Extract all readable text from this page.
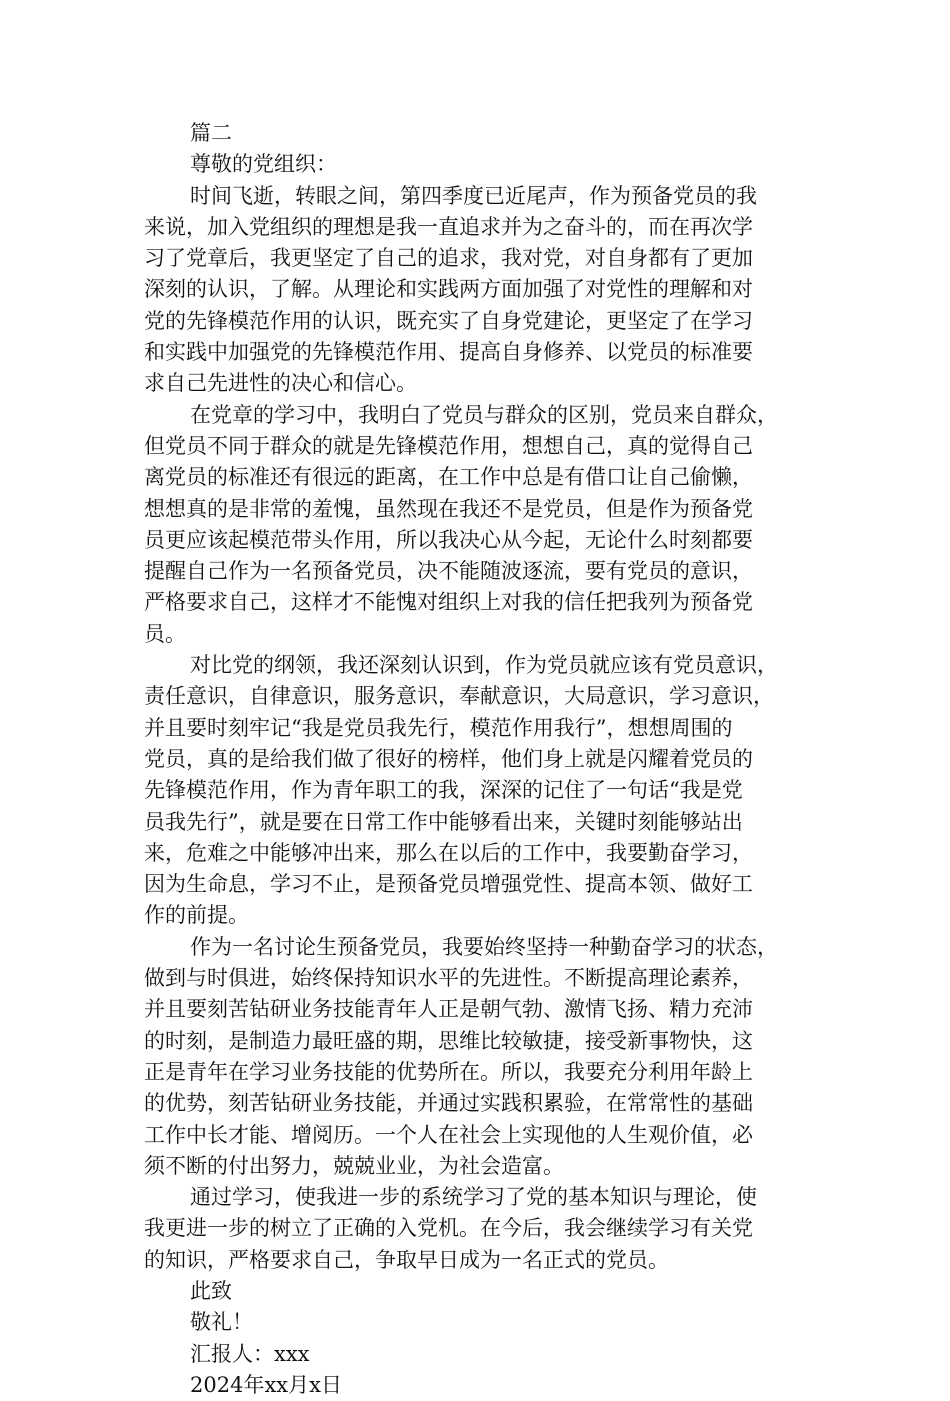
篇二
尊敬的党组织：
时间飞逝，转眼之间，第四季度已近尾声，作为预备党员的我
来说，加入党组织的理想是我一直追求并为之奋斗的，而在再次学
习了党章后，我更坚定了自己的追求，我对党，对自身都有了更加
深刻的认识，了解。从理论和实践两方面加强了对党性的理解和对
党的先锋模范作用的认识，既充实了自身党建论，更坚定了在学习
和实践中加强党的先锋模范作用、提高自身修养、以党员的标准要
求自己先进性的决心和信心。
在党章的学习中，我明白了党员与群众的区别，党员来自群众，
但党员不同于群众的就是先锋模范作用，想想自己，真的觉得自己
离党员的标准还有很远的距离，在工作中总是有借口让自己偷懒，
想想真的是非常的羞愧，虽然现在我还不是党员，但是作为预备党
员更应该起模范带头作用，所以我决心从今起，无论什么时刻都要
提醒自己作为一名预备党员，决不能随波逐流，要有党员的意识，
严格要求自己，这样才不能愧对组织上对我的信任把我列为预备党
员。
对比党的纲领，我还深刻认识到，作为党员就应该有党员意识，
责任意识，自律意识，服务意识，奉献意识，大局意识，学习意识，
并且要时刻牢记“我是党员我先行，模范作用我行”，想想周围的
党员，真的是给我们做了很好的榜样，他们身上就是闪耀着党员的
先锋模范作用，作为青年职工的我，深深的记住了一句话“我是党
员我先行”，就是要在日常工作中能够看出来，关键时刻能够站出
来，危难之中能够冲出来，那么在以后的工作中，我要勤奋学习，
因为生命息，学习不止，是预备党员增强党性、提高本领、做好工
作的前提。
作为一名讨论生预备党员，我要始终坚持一种勤奋学习的状态，
做到与时俱进，始终保持知识水平的先进性。不断提高理论素养，
并且要刻苦钻研业务技能青年人正是朝气勃、激情飞扬、精力充沛
的时刻，是制造力最旺盛的期，思维比较敏捷，接受新事物快，这
正是青年在学习业务技能的优势所在。所以，我要充分利用年龄上
的优势，刻苦钻研业务技能，并通过实践积累验，在常常性的基础
工作中长才能、增阅历。一个人在社会上实现他的人生观价值，必
须不断的付出努力，兢兢业业，为社会造富。
通过学习，使我进一步的系统学习了党的基本知识与理论，使
我更进一步的树立了正确的入党机。在今后，我会继续学习有关党
的知识，严格要求自己，争取早日成为一名正式的党员。
此致
敬礼！
汇报人：xxx
2024年xx月x日
